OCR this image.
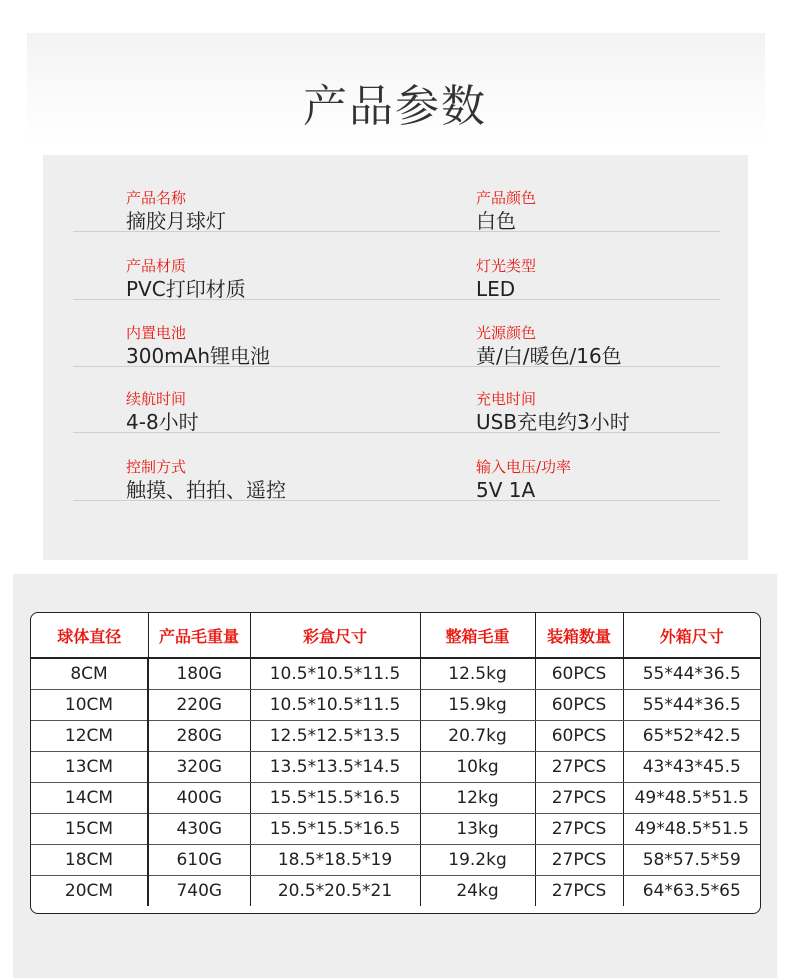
产品参数
产品名称
摘胶月球灯
产品颜色
白色
产品材质
PVC打印材质
灯光类型
LED
内置电池
300mAh锂电池
光源颜色
黄/白/暖色/16色
续航时间
4-8小时
充电时间
USB充电约3小时
控制方式
触摸、拍拍、遥控
输入电压/功率
5V 1A
球体直径	产品毛重量	彩盒尺寸	整箱毛重	装箱数量	外箱尺寸
8CM	180G	10.5*10.5*11.5	12.5kg	60PCS	55*44*36.5
10CM	220G	10.5*10.5*11.5	15.9kg	60PCS	55*44*36.5
12CM	280G	12.5*12.5*13.5	20.7kg	60PCS	65*52*42.5
13CM	320G	13.5*13.5*14.5	10kg	27PCS	43*43*45.5
14CM	400G	15.5*15.5*16.5	12kg	27PCS	49*48.5*51.5
15CM	430G	15.5*15.5*16.5	13kg	27PCS	49*48.5*51.5
18CM	610G	18.5*18.5*19	19.2kg	27PCS	58*57.5*59
20CM	740G	20.5*20.5*21	24kg	27PCS	64*63.5*65
